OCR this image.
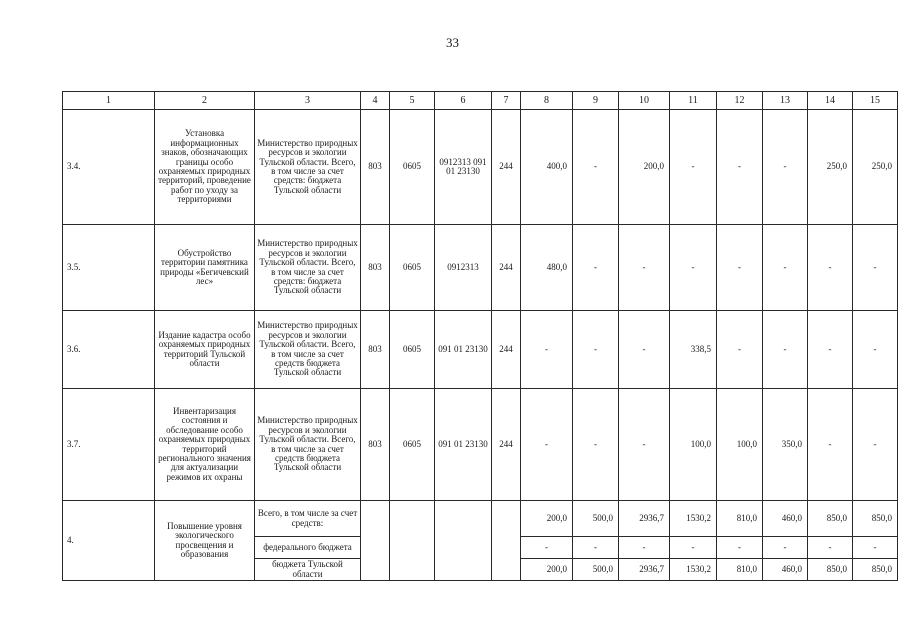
33
1	2	3	4	5	6	7	8	9	10	11	12	13	14	15
3.4.	Установка информационных знаков, обозначающих границы особо охраняемых природных территорий, проведение работ по уходу за территориями	Министерство природных ресурсов и экологии Тульской области. Всего, в том числе за счет средств: бюджета Тульской области	803	0605	0912313 091 01 23130	244	400,0	-	200,0	-	-	-	250,0	250,0
3.5.	Обустройство территории памятника природы «Бегичевский лес»	Министерство природных ресурсов и экологии Тульской области. Всего, в том числе за счет средств: бюджета Тульской области	803	0605	0912313	244	480,0	-	-	-	-	-	-	-
3.6.	Издание кадастра особо охраняемых природных территорий Тульской области	Министерство природных ресурсов и экологии Тульской области. Всего, в том числе за счет средств бюджета Тульской области	803	0605	091 01 23130	244	-	-	-	338,5	-	-	-	-
3.7.	Инвентаризация состояния и обследование особо охраняемых природных территорий регионального значения для актуализации режимов их охраны	Министерство природных ресурсов и экологии Тульской области. Всего, в том числе за счет средств бюджета Тульской области	803	0605	091 01 23130	244	-	-	-	100,0	100,0	350,0	-	-
4.	Повышение уровня экологического просвещения и образования	Всего, в том числе за счет средств:					200,0	500,0	2936,7	1530,2	810,0	460,0	850,0	850,0
		федерального бюджета					-	-	-	-	-	-	-	-
		бюджета Тульской области					200,0	500,0	2936,7	1530,2	810,0	460,0	850,0	850,0
